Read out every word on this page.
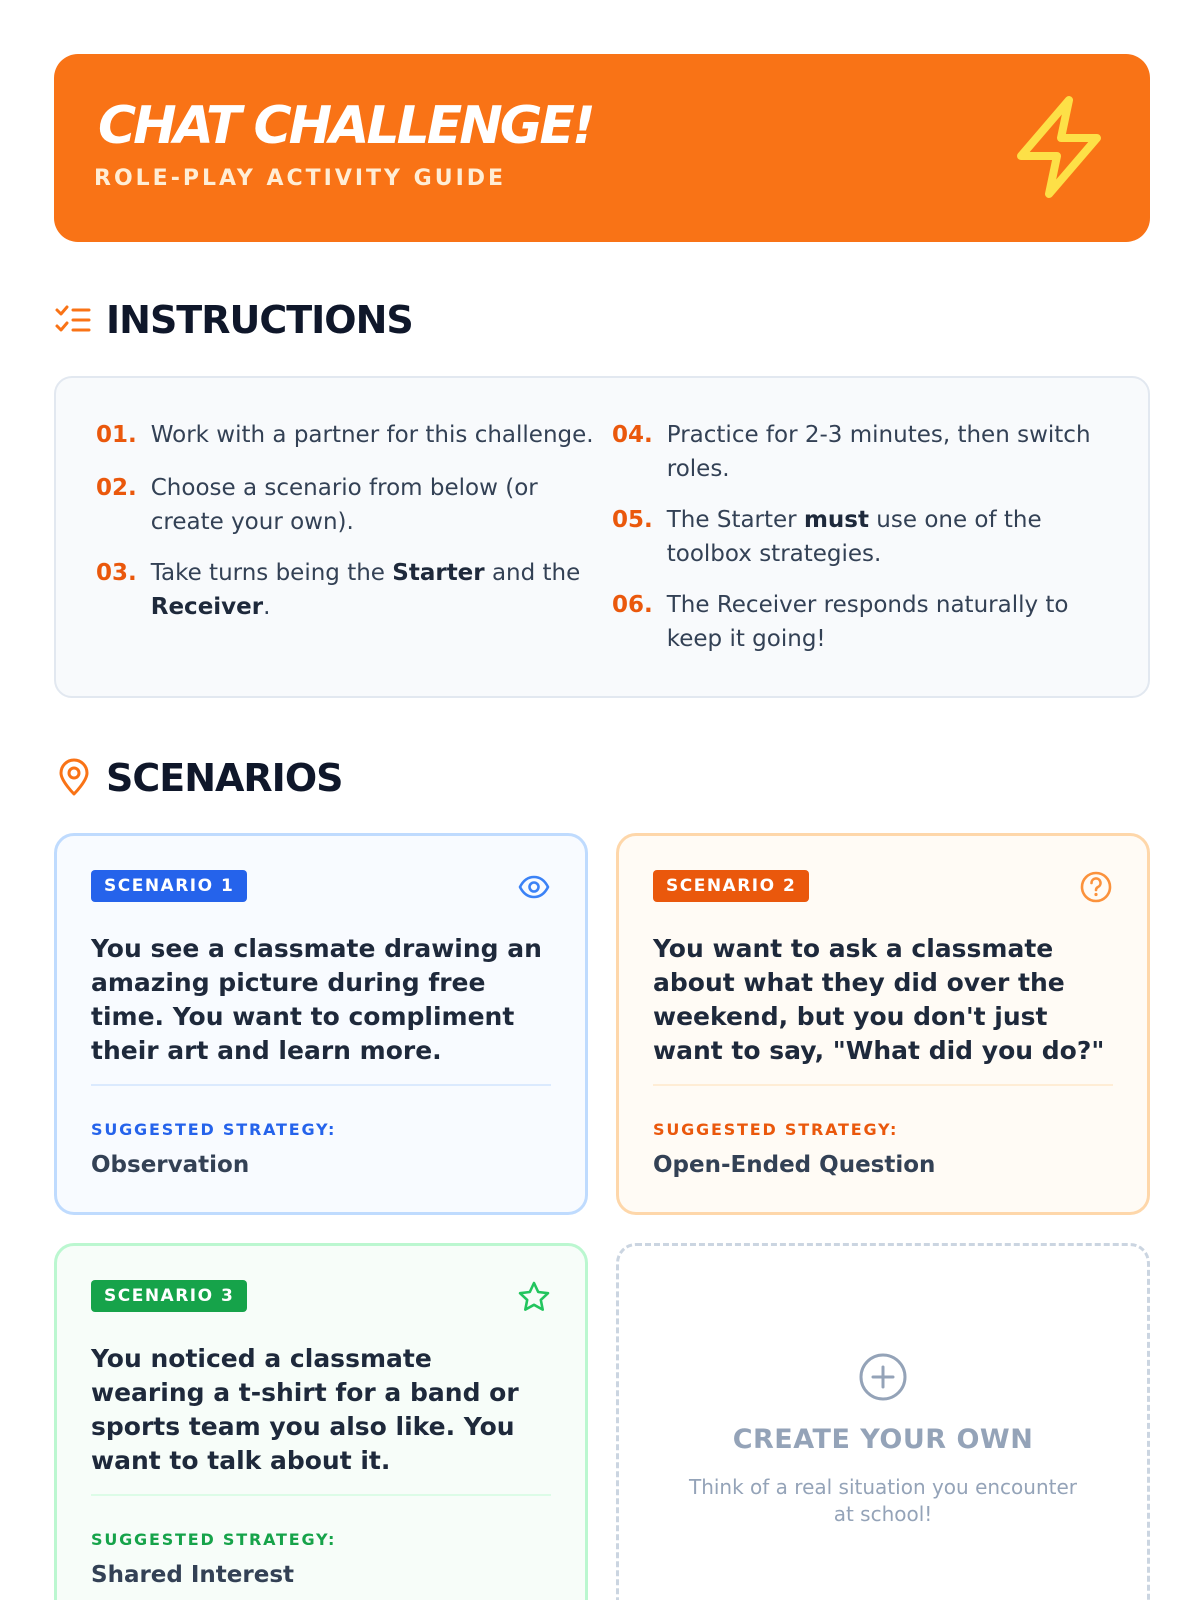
CHAT CHALLENGE!
ROLE-PLAY ACTIVITY GUIDE
INSTRUCTIONS
01. Work with a partner for this challenge.
02. Choose a scenario from below (or create your own).
03. Take turns being the Starter and the Receiver.
04. Practice for 2-3 minutes, then switch roles.
05. The Starter must use one of the toolbox strategies.
06. The Receiver responds naturally to keep it going!
SCENARIOS
SCENARIO 1
You see a classmate drawing an amazing picture during free time. You want to compliment their art and learn more.
SUGGESTED STRATEGY:
Observation
SCENARIO 2
You want to ask a classmate about what they did over the weekend, but you don't just want to say, "What did you do?"
SUGGESTED STRATEGY:
Open-Ended Question
SCENARIO 3
You noticed a classmate wearing a t-shirt for a band or sports team you also like. You want to talk about it.
SUGGESTED STRATEGY:
Shared Interest
CREATE YOUR OWN
Think of a real situation you encounter at school!
